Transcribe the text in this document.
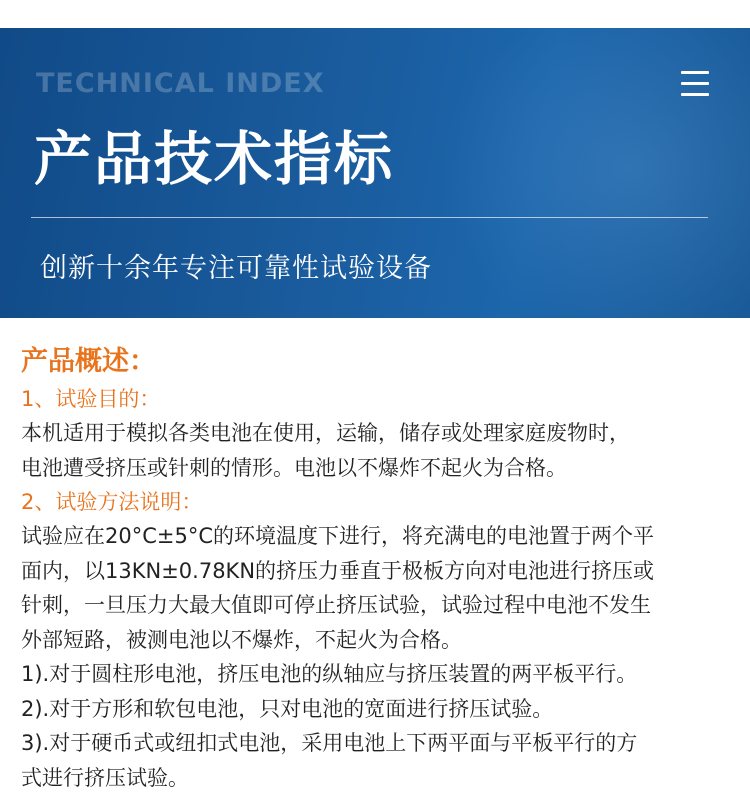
TECHNICAL INDEX
产品技术指标
创新十余年专注可靠性试验设备
产品概述：
1、试验目的：

本机适用于模拟各类电池在使用，运输，储存或处理家庭废物时，

电池遭受挤压或针刺的情形。电池以不爆炸不起火为合格。

2、试验方法说明：

试验应在20°C±5°C的环境温度下进行，将充满电的电池置于两个平

面内，以13KN±0.78KN的挤压力垂直于极板方向对电池进行挤压或

针刺，一旦压力大最大值即可停止挤压试验，试验过程中电池不发生

外部短路，被测电池以不爆炸，不起火为合格。

1).对于圆柱形电池，挤压电池的纵轴应与挤压装置的两平板平行。

2).对于方形和软包电池，只对电池的宽面进行挤压试验。

3).对于硬币式或纽扣式电池，采用电池上下两平面与平板平行的方

式进行挤压试验。
